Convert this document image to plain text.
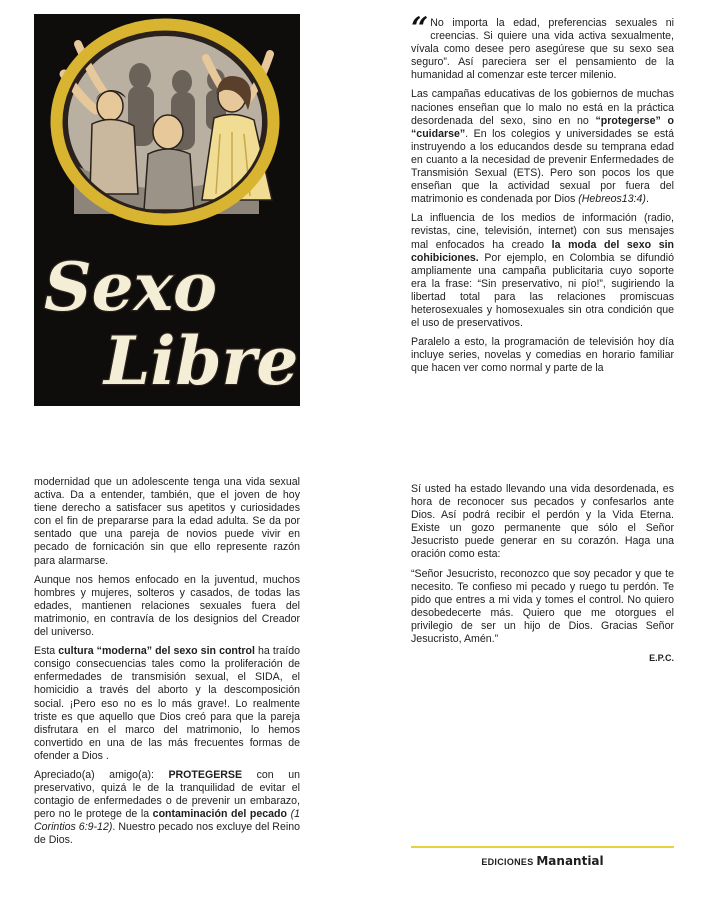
Sexo
Libre
“ No importa la edad, preferencias sexuales ni creencias. Si quiere una vida activa sexualmente, vívala como desee pero asegúrese que su sexo sea seguro”. Así pareciera ser el pensamiento de la humanidad al comenzar este tercer milenio.

Las campañas educativas de los gobiernos de muchas naciones enseñan que lo malo no está en la práctica desordenada del sexo, sino en no “protegerse” o “cuidarse”. En los colegios y universidades se está instruyendo a los educandos desde su temprana edad en cuanto a la necesidad de prevenir Enfermedades de Transmisión Sexual (ETS). Pero son pocos los que enseñan que la actividad sexual por fuera del matrimonio es condenada por Dios (Hebreos13:4).

La influencia de los medios de información (radio, revistas, cine, televisión, internet) con sus mensajes mal enfocados ha creado la moda del sexo sin cohibiciones. Por ejemplo, en Colombia se difundió ampliamente una campaña publicitaria cuyo soporte era la frase: “Sin preservativo, ni pío!”, sugiriendo la libertad total para las relaciones promiscuas heterosexuales y homosexuales sin otra condición que el uso de preservativos.

Paralelo a esto, la programación de televisión hoy día incluye series, novelas y comedias en horario familiar que hacen ver como normal y parte de la

modernidad que un adolescente tenga una vida sexual activa. Da a entender, también, que el joven de hoy tiene derecho a satisfacer sus apetitos y curiosidades con el fin de prepararse para la edad adulta. Se da por sentado que una pareja de novios puede vivir en pecado de fornicación sin que ello represente razón para alarmarse.

Aunque nos hemos enfocado en la juventud, muchos hombres y mujeres, solteros y casados, de todas las edades, mantienen relaciones sexuales fuera del matrimonio, en contravía de los designios del Creador del universo.

Esta cultura “moderna” del sexo sin control ha traído consigo consecuencias tales como la proliferación de enfermedades de transmisión sexual, el SIDA, el homicidio a través del aborto y la descomposición social. ¡Pero eso no es lo más grave!. Lo realmente triste es que aquello que Dios creó para que la pareja disfrutara en el marco del matrimonio, lo hemos convertido en una de las más frecuentes formas de ofender a Dios .

Apreciado(a) amigo(a): PROTEGERSE con un preservativo, quizá le de la tranquilidad de evitar el contagio de enfermedades o de prevenir un embarazo, pero no le protege de la contaminación del pecado (1 Corintios 6:9-12). Nuestro pecado nos excluye del Reino de Dios.

Sí usted ha estado llevando una vida desordenada, es hora de reconocer sus pecados y confesarlos ante Dios. Así podrá recibir el perdón y la Vida Eterna. Existe un gozo permanente que sólo el Señor Jesucristo puede generar en su corazón. Haga una oración como esta:

“Señor Jesucristo, reconozco que soy pecador y que te necesito. Te confieso mi pecado y ruego tu perdón. Te pido que entres a mi vida y tomes el control. No quiero desobedecerte más. Quiero que me otorgues el privilegio de ser un hijo de Dios. Gracias Señor Jesucristo, Amén.”

E.P.C.
EDICIONES Manantial
